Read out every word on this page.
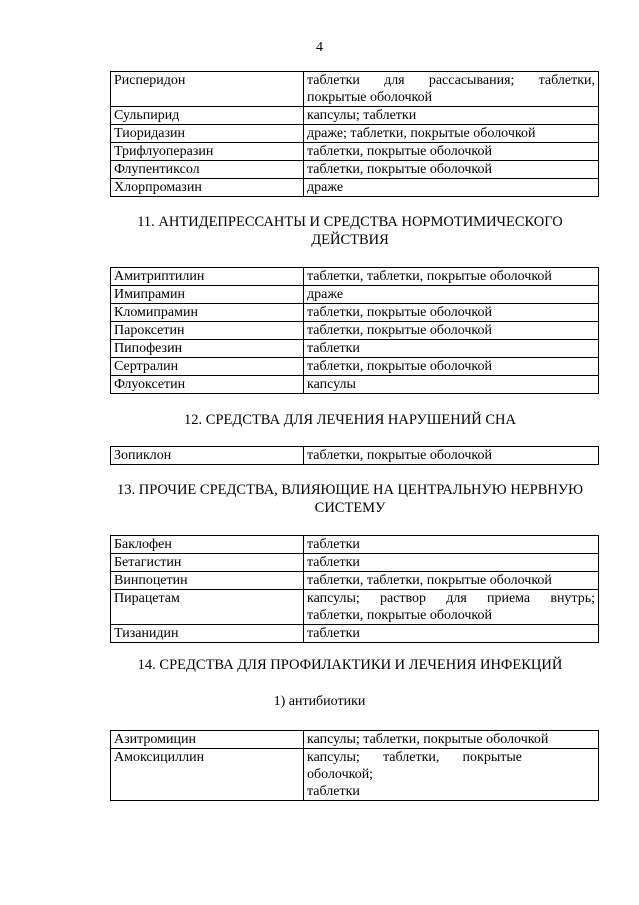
4
Рисперидон	таблетки для рассасывания; таблетки,
покрытые оболочкой

Сульпирид	капсулы; таблетки
Тиоридазин	драже; таблетки, покрытые оболочкой
Трифлуоперазин	таблетки, покрытые оболочкой
Флупентиксол	таблетки, покрытые оболочкой
Хлорпромазин	драже
11. АНТИДЕПРЕССАНТЫ И СРЕДСТВА НОРМОТИМИЧЕСКОГО
ДЕЙСТВИЯ
Амитриптилин	таблетки, таблетки, покрытые оболочкой
Имипрамин	драже
Кломипрамин	таблетки, покрытые оболочкой
Пароксетин	таблетки, покрытые оболочкой
Пипофезин	таблетки
Сертралин	таблетки, покрытые оболочкой
Флуоксетин	капсулы
12. СРЕДСТВА ДЛЯ ЛЕЧЕНИЯ НАРУШЕНИЙ СНА
Зопиклон	таблетки, покрытые оболочкой
13. ПРОЧИЕ СРЕДСТВА, ВЛИЯЮЩИЕ НА ЦЕНТРАЛЬНУЮ НЕРВНУЮ
СИСТЕМУ
Баклофен	таблетки
Бетагистин	таблетки
Винпоцетин	таблетки, таблетки, покрытые оболочкой
Пирацетам	капсулы; раствор для приема внутрь;
таблетки, покрытые оболочкой

Тизанидин	таблетки
14. СРЕДСТВА ДЛЯ ПРОФИЛАКТИКИ И ЛЕЧЕНИЯ ИНФЕКЦИЙ
1) антибиотики
Азитромицин	капсулы; таблетки, покрытые оболочкой
Амоксициллин	капсулы; таблетки, покрытые
оболочкой;
таблетки
